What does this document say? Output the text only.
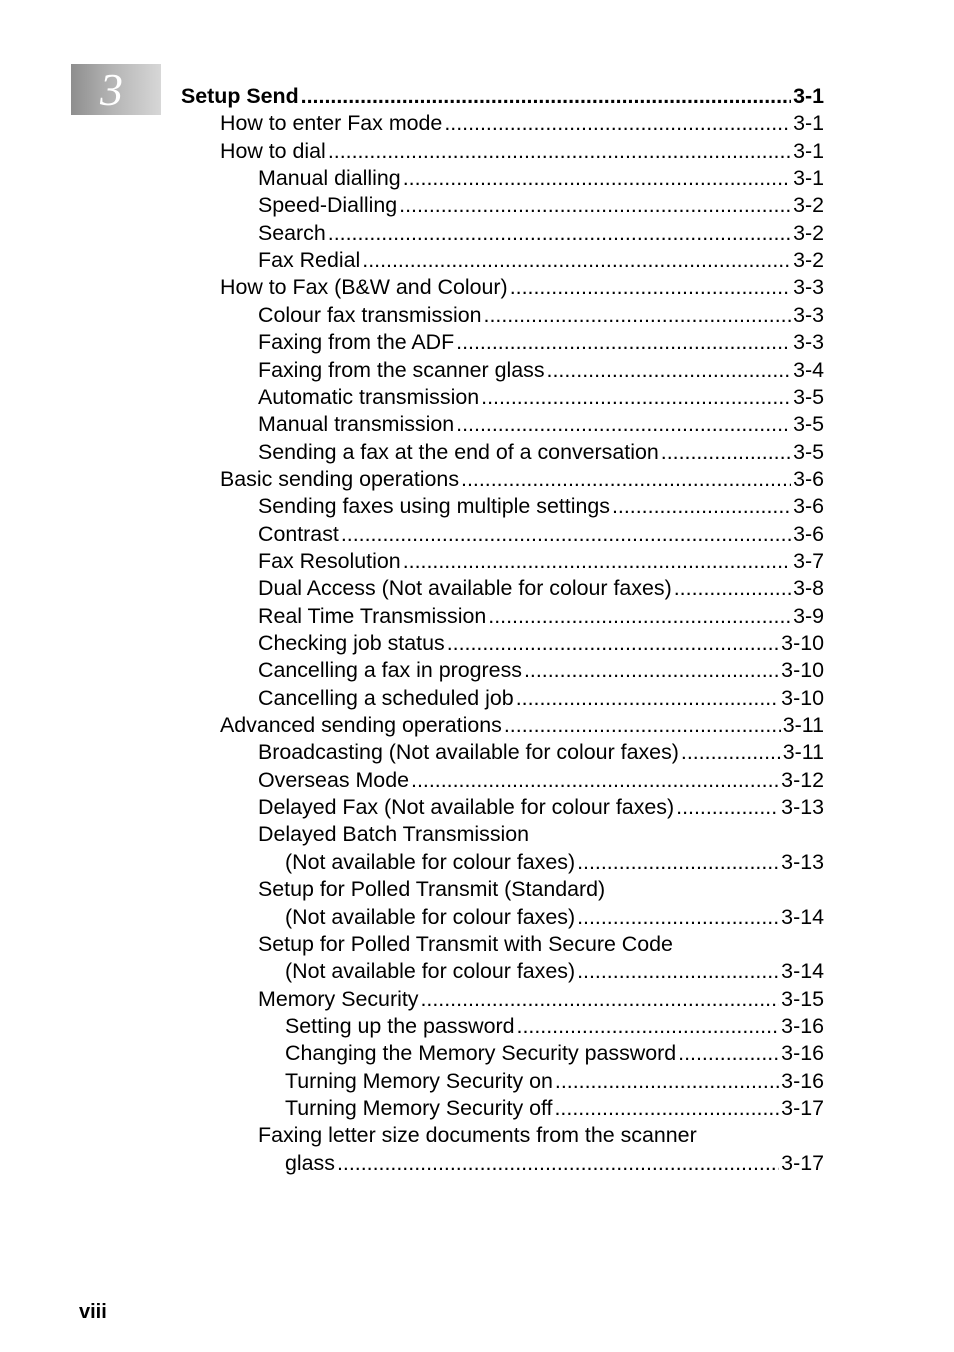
3	Setup Send .....	3-1
How to enter Fax mode .....	3-1
How to dial .....	3-1
Manual dialling .....	3-1
Speed-Dialling .....	3-2
Search .....	3-2
Fax Redial .....	3-2
How to Fax (B&W and Colour) .....	3-3
Colour fax transmission .....	3-3
Faxing from the ADF .....	3-3
Faxing from the scanner glass .....	3-4
Automatic transmission .....	3-5
Manual transmission .....	3-5
Sending a fax at the end of a conversation .....	3-5
Basic sending operations .....	3-6
Sending faxes using multiple settings .....	3-6
Contrast .....	3-6
Fax Resolution .....	3-7
Dual Access (Not available for colour faxes) .....	3-8
Real Time Transmission .....	3-9
Checking job status .....	3-10
Cancelling a fax in progress .....	3-10
Cancelling a scheduled job .....	3-10
Advanced sending operations .....	3-11
Broadcasting (Not available for colour faxes) .....	3-11
Overseas Mode .....	3-12
Delayed Fax (Not available for colour faxes) .....	3-13
Delayed Batch Transmission
(Not available for colour faxes) .....	3-13
Setup for Polled Transmit (Standard)
(Not available for colour faxes) .....	3-14
Setup for Polled Transmit with Secure Code
(Not available for colour faxes) .....	3-14
Memory Security .....	3-15
Setting up the password .....	3-16
Changing the Memory Security password .....	3-16
Turning Memory Security on .....	3-16
Turning Memory Security off .....	3-17
Faxing letter size documents from the scanner
glass .....	3-17
viii
